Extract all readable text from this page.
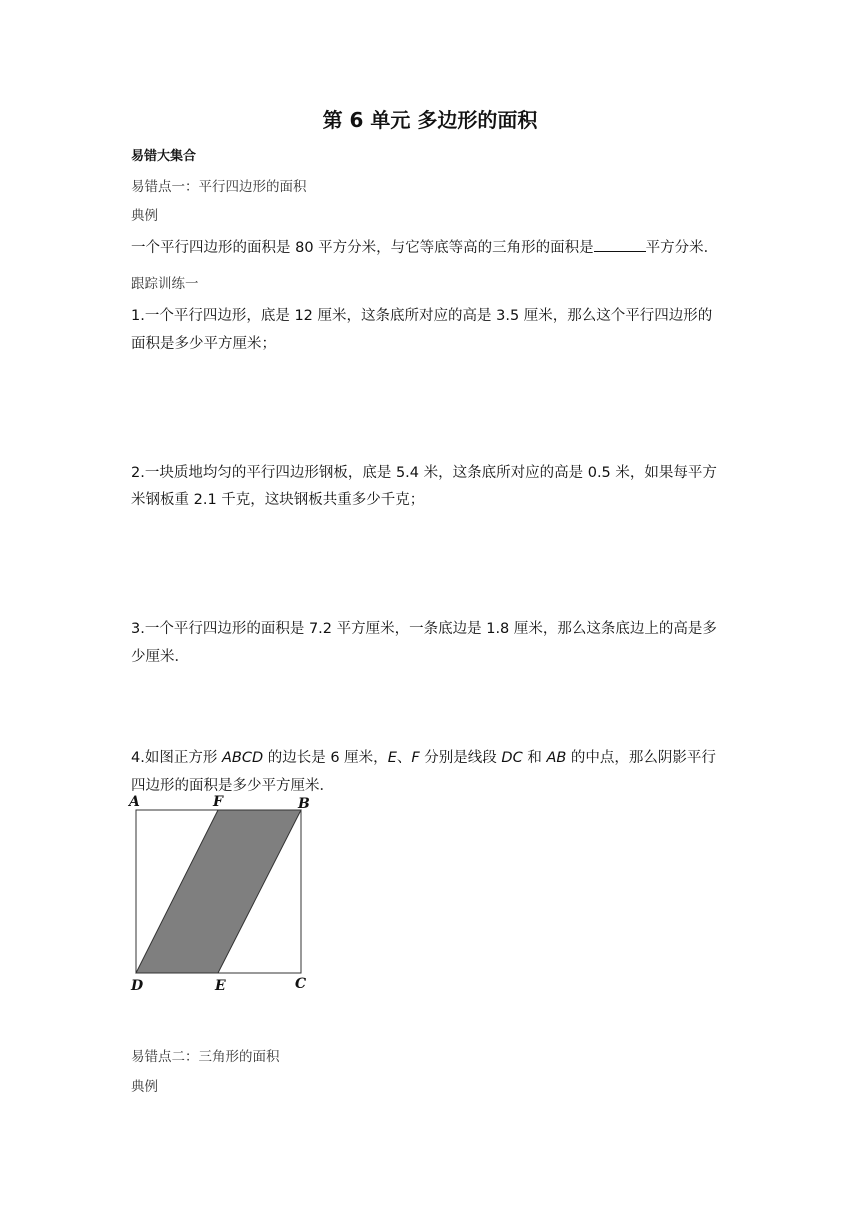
第 6 单元 多边形的面积
易错大集合
易错点一：平行四边形的面积
典例
一个平行四边形的面积是 80 平方分米，与它等底等高的三角形的面积是	平方分米．
跟踪训练一
1.一个平行四边形，底是 12 厘米，这条底所对应的高是 3.5 厘米，那么这个平行四边形的
面积是多少平方厘米；
2.一块质地均匀的平行四边形钢板，底是 5.4 米，这条底所对应的高是 0.5 米，如果每平方
米钢板重 2.1 千克，这块钢板共重多少千克；
3.一个平行四边形的面积是 7.2 平方厘米，一条底边是 1.8 厘米，那么这条底边上的高是多
少厘米．
4.如图正方形 ABCD 的边长是 6 厘米，E、F 分别是线段 DC 和 AB 的中点，那么阴影平行
四边形的面积是多少平方厘米．
A	F	B
D	E	C
易错点二：三角形的面积
典例
